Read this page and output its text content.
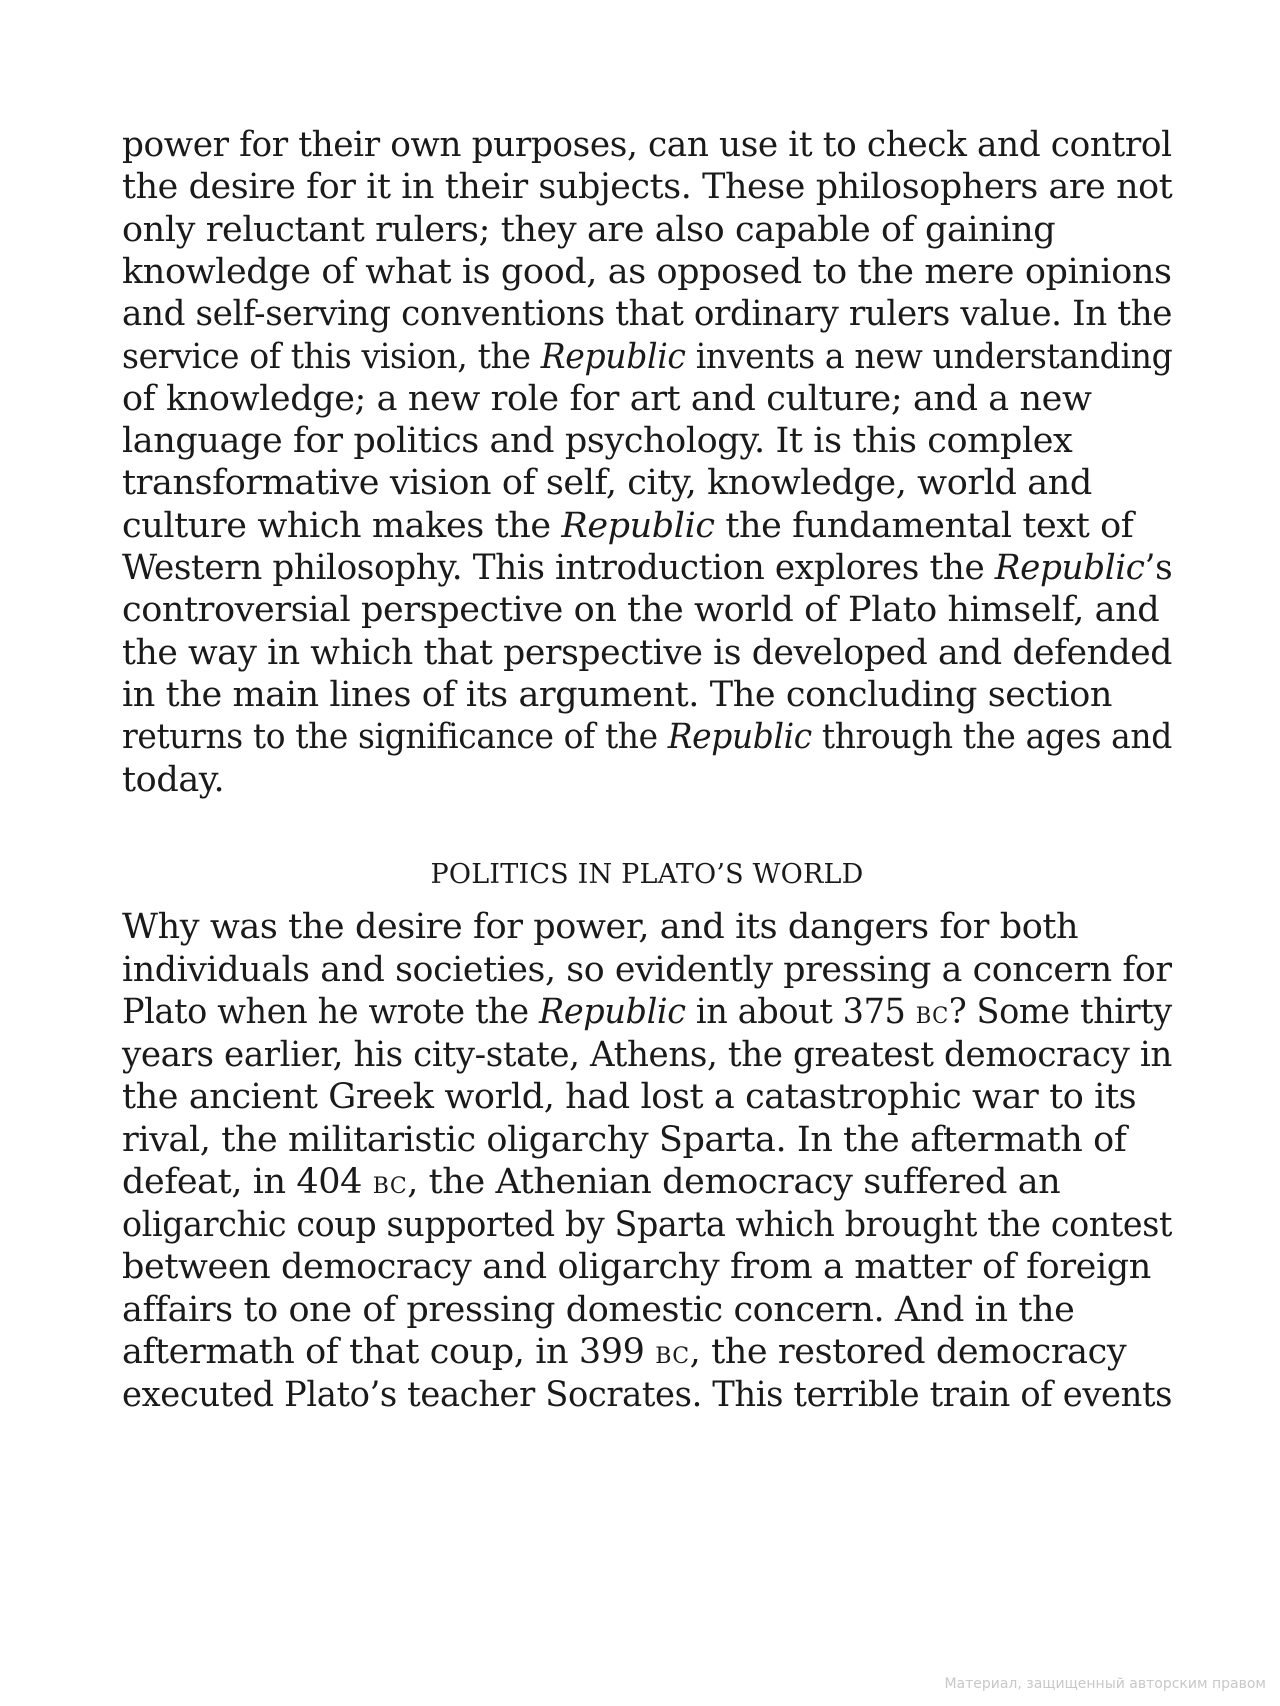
power for their own purposes, can use it to check and control
the desire for it in their subjects. These philosophers are not
only reluctant rulers; they are also capable of gaining
knowledge of what is good, as opposed to the mere opinions
and self-serving conventions that ordinary rulers value. In the
service of this vision, the Republic invents a new understanding
of knowledge; a new role for art and culture; and a new
language for politics and psychology. It is this complex
transformative vision of self, city, knowledge, world and
culture which makes the Republic the fundamental text of
Western philosophy. This introduction explores the Republic’s
controversial perspective on the world of Plato himself, and
the way in which that perspective is developed and defended
in the main lines of its argument. The concluding section
returns to the significance of the Republic through the ages and
today.
POLITICS IN PLATO’S WORLD
Why was the desire for power, and its dangers for both
individuals and societies, so evidently pressing a concern for
Plato when he wrote the Republic in about 375 BC? Some thirty
years earlier, his city-state, Athens, the greatest democracy in
the ancient Greek world, had lost a catastrophic war to its
rival, the militaristic oligarchy Sparta. In the aftermath of
defeat, in 404 BC, the Athenian democracy suffered an
oligarchic coup supported by Sparta which brought the contest
between democracy and oligarchy from a matter of foreign
affairs to one of pressing domestic concern. And in the
aftermath of that coup, in 399 BC, the restored democracy
executed Plato’s teacher Socrates. This terrible train of events
Материал, защищенный авторским правом
